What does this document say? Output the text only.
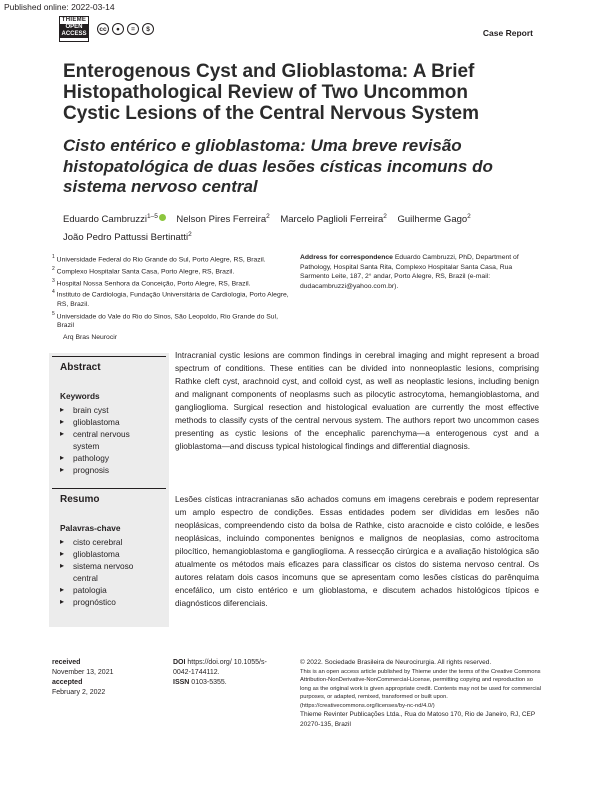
Published online: 2022-03-14
THIEME
OPEN
ACCESS
cc	●	=	$	Case Report
Enterogenous Cyst and Glioblastoma: A Brief Histopathological Review of Two Uncommon Cystic Lesions of the Central Nervous System
Cisto entérico e glioblastoma: Uma breve revisão histopatológica de duas lesões císticas incomuns do sistema nervoso central
Eduardo Cambruzzi$^{1-5}$ Nelson Pires Ferreira$^2$ Marcelo Paglioli Ferreira$^2$ Guilherme Gago$^2$
João Pedro Pattussi Bertinatti$^2$
$^1$ Universidade Federal do Rio Grande do Sul, Porto Alegre, RS, Brazil.
$^2$ Complexo Hospitalar Santa Casa, Porto Alegre, RS, Brazil.
$^3$ Hospital Nossa Senhora da Conceição, Porto Alegre, RS, Brazil.
$^4$ Instituto de Cardiologia, Fundação Universitária de Cardiologia, Porto Alegre, RS, Brazil.
$^5$ Universidade do Vale do Rio do Sinos, São Leopoldo, Rio Grande do Sul, Brazil
Address for correspondence Eduardo Cambruzzi, PhD, Department of Pathology, Hospital Santa Rita, Complexo Hospitalar Santa Casa, Rua Sarmento Leite, 187, 2° andar, Porto Alegre, RS, Brazil (e-mail: dudacambruzzi@yahoo.com.br).
Arq Bras Neurocir
Abstract
Keywords
▸ brain cyst
▸ glioblastoma
▸ central nervous system
▸ pathology
▸ prognosis
Intracranial cystic lesions are common findings in cerebral imaging and might represent a broad spectrum of conditions. These entities can be divided into nonneoplastic lesions, comprising Rathke cleft cyst, arachnoid cyst, and colloid cyst, as well as neoplastic lesions, including benign and malignant components of neoplasms such as pilocytic astrocytoma, hemangioblastoma, and ganglioglioma. Surgical resection and histological evaluation are currently the most effective methods to classify cysts of the central nervous system. The authors report two uncommon cases presenting as cystic lesions of the encephalic parenchyma—a enterogenous cyst and a glioblastoma—and discuss typical histological findings and differential diagnosis.
Resumo
Palavras-chave
▸ cisto cerebral
▸ glioblastoma
▸ sistema nervoso central
▸ patologia
▸ prognóstico
Lesões císticas intracranianas são achados comuns em imagens cerebrais e podem representar um amplo espectro de condições. Essas entidades podem ser divididas em lesões não neoplásicas, compreendendo cisto da bolsa de Rathke, cisto aracnoide e cisto colóide, e lesões neoplásicas, incluindo componentes benignos e malignos de neoplasias, como astrocitoma pilocítico, hemangioblastoma e ganglioglioma. A ressecção cirúrgica e a avaliação histológica são atualmente os métodos mais eficazes para classificar os cistos do sistema nervoso central. Os autores relatam dois casos incomuns que se apresentam como lesões císticas do parênquima encefálico, um cisto entérico e um glioblastoma, e discutem achados histológicos típicos e diagnósticos diferenciais.
received
November 13, 2021
accepted
February 2, 2022
DOI https://doi.org/ 10.1055/s-0042-1744112.
ISSN 0103-5355.
© 2022. Sociedade Brasileira de Neurocirurgia. All rights reserved.
This is an open access article published by Thieme under the terms of the Creative Commons Attribution-NonDerivative-NonCommercial-License, permitting copying and reproduction so long as the original work is given appropriate credit. Contents may not be used for commercial purposes, or adapted, remixed, transformed or built upon. (https://creativecommons.org/licenses/by-nc-nd/4.0/)
Thieme Revinter Publicações Ltda., Rua do Matoso 170, Rio de Janeiro, RJ, CEP 20270-135, Brazil
